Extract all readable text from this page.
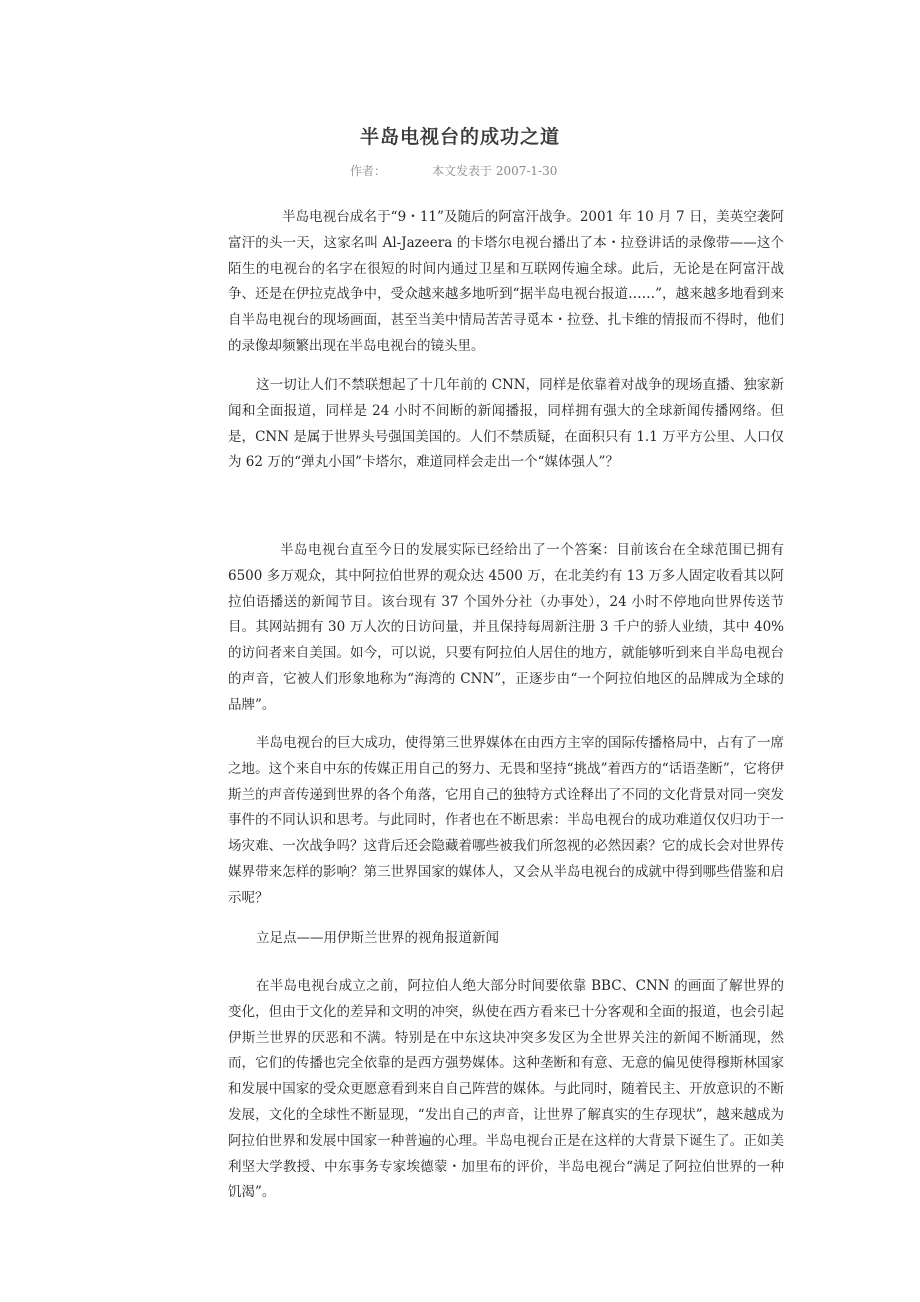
半岛电视台的成功之道
作者：	本文发表于 2007-1-30

半岛电视台成名于“9・11”及随后的阿富汗战争。2001 年 10 月 7 日，美英空袭阿富汗的头一天，这家名叫 Al-Jazeera 的卡塔尔电视台播出了本・拉登讲话的录像带——这个陌生的电视台的名字在很短的时间内通过卫星和互联网传遍全球。此后，无论是在阿富汗战争、还是在伊拉克战争中，受众越来越多地听到“据半岛电视台报道……”，越来越多地看到来自半岛电视台的现场画面，甚至当美中情局苦苦寻觅本・拉登、扎卡维的情报而不得时，他们的录像却频繁出现在半岛电视台的镜头里。

这一切让人们不禁联想起了十几年前的 CNN，同样是依靠着对战争的现场直播、独家新闻和全面报道，同样是 24 小时不间断的新闻播报，同样拥有强大的全球新闻传播网络。但是，CNN 是属于世界头号强国美国的。人们不禁质疑，在面积只有 1.1 万平方公里、人口仅为 62 万的“弹丸小国”卡塔尔，难道同样会走出一个“媒体强人”？

半岛电视台直至今日的发展实际已经给出了一个答案：目前该台在全球范围已拥有 6500 多万观众，其中阿拉伯世界的观众达 4500 万，在北美约有 13 万多人固定收看其以阿拉伯语播送的新闻节目。该台现有 37 个国外分社（办事处），24 小时不停地向世界传送节目。其网站拥有 30 万人次的日访问量，并且保持每周新注册 3 千户的骄人业绩，其中 40%的访问者来自美国。如今，可以说，只要有阿拉伯人居住的地方，就能够听到来自半岛电视台的声音，它被人们形象地称为“海湾的 CNN”，正逐步由“一个阿拉伯地区的品牌成为全球的品牌”。

半岛电视台的巨大成功，使得第三世界媒体在由西方主宰的国际传播格局中，占有了一席之地。这个来自中东的传媒正用自己的努力、无畏和坚持“挑战”着西方的“话语垄断”，它将伊斯兰的声音传递到世界的各个角落，它用自己的独特方式诠释出了不同的文化背景对同一突发事件的不同认识和思考。与此同时，作者也在不断思索：半岛电视台的成功难道仅仅归功于一场灾难、一次战争吗？这背后还会隐藏着哪些被我们所忽视的必然因素？它的成长会对世界传媒界带来怎样的影响？第三世界国家的媒体人，又会从半岛电视台的成就中得到哪些借鉴和启示呢？

立足点——用伊斯兰世界的视角报道新闻

在半岛电视台成立之前，阿拉伯人绝大部分时间要依靠 BBC、CNN 的画面了解世界的变化，但由于文化的差异和文明的冲突，纵使在西方看来已十分客观和全面的报道，也会引起伊斯兰世界的厌恶和不满。特别是在中东这块冲突多发区为全世界关注的新闻不断涌现，然而，它们的传播也完全依靠的是西方强势媒体。这种垄断和有意、无意的偏见使得穆斯林国家和发展中国家的受众更愿意看到来自自己阵营的媒体。与此同时，随着民主、开放意识的不断发展，文化的全球性不断显现，“发出自己的声音，让世界了解真实的生存现状”，越来越成为阿拉伯世界和发展中国家一种普遍的心理。半岛电视台正是在这样的大背景下诞生了。正如美利坚大学教授、中东事务专家埃德蒙・加里布的评价，半岛电视台“满足了阿拉伯世界的一种饥渴”。
